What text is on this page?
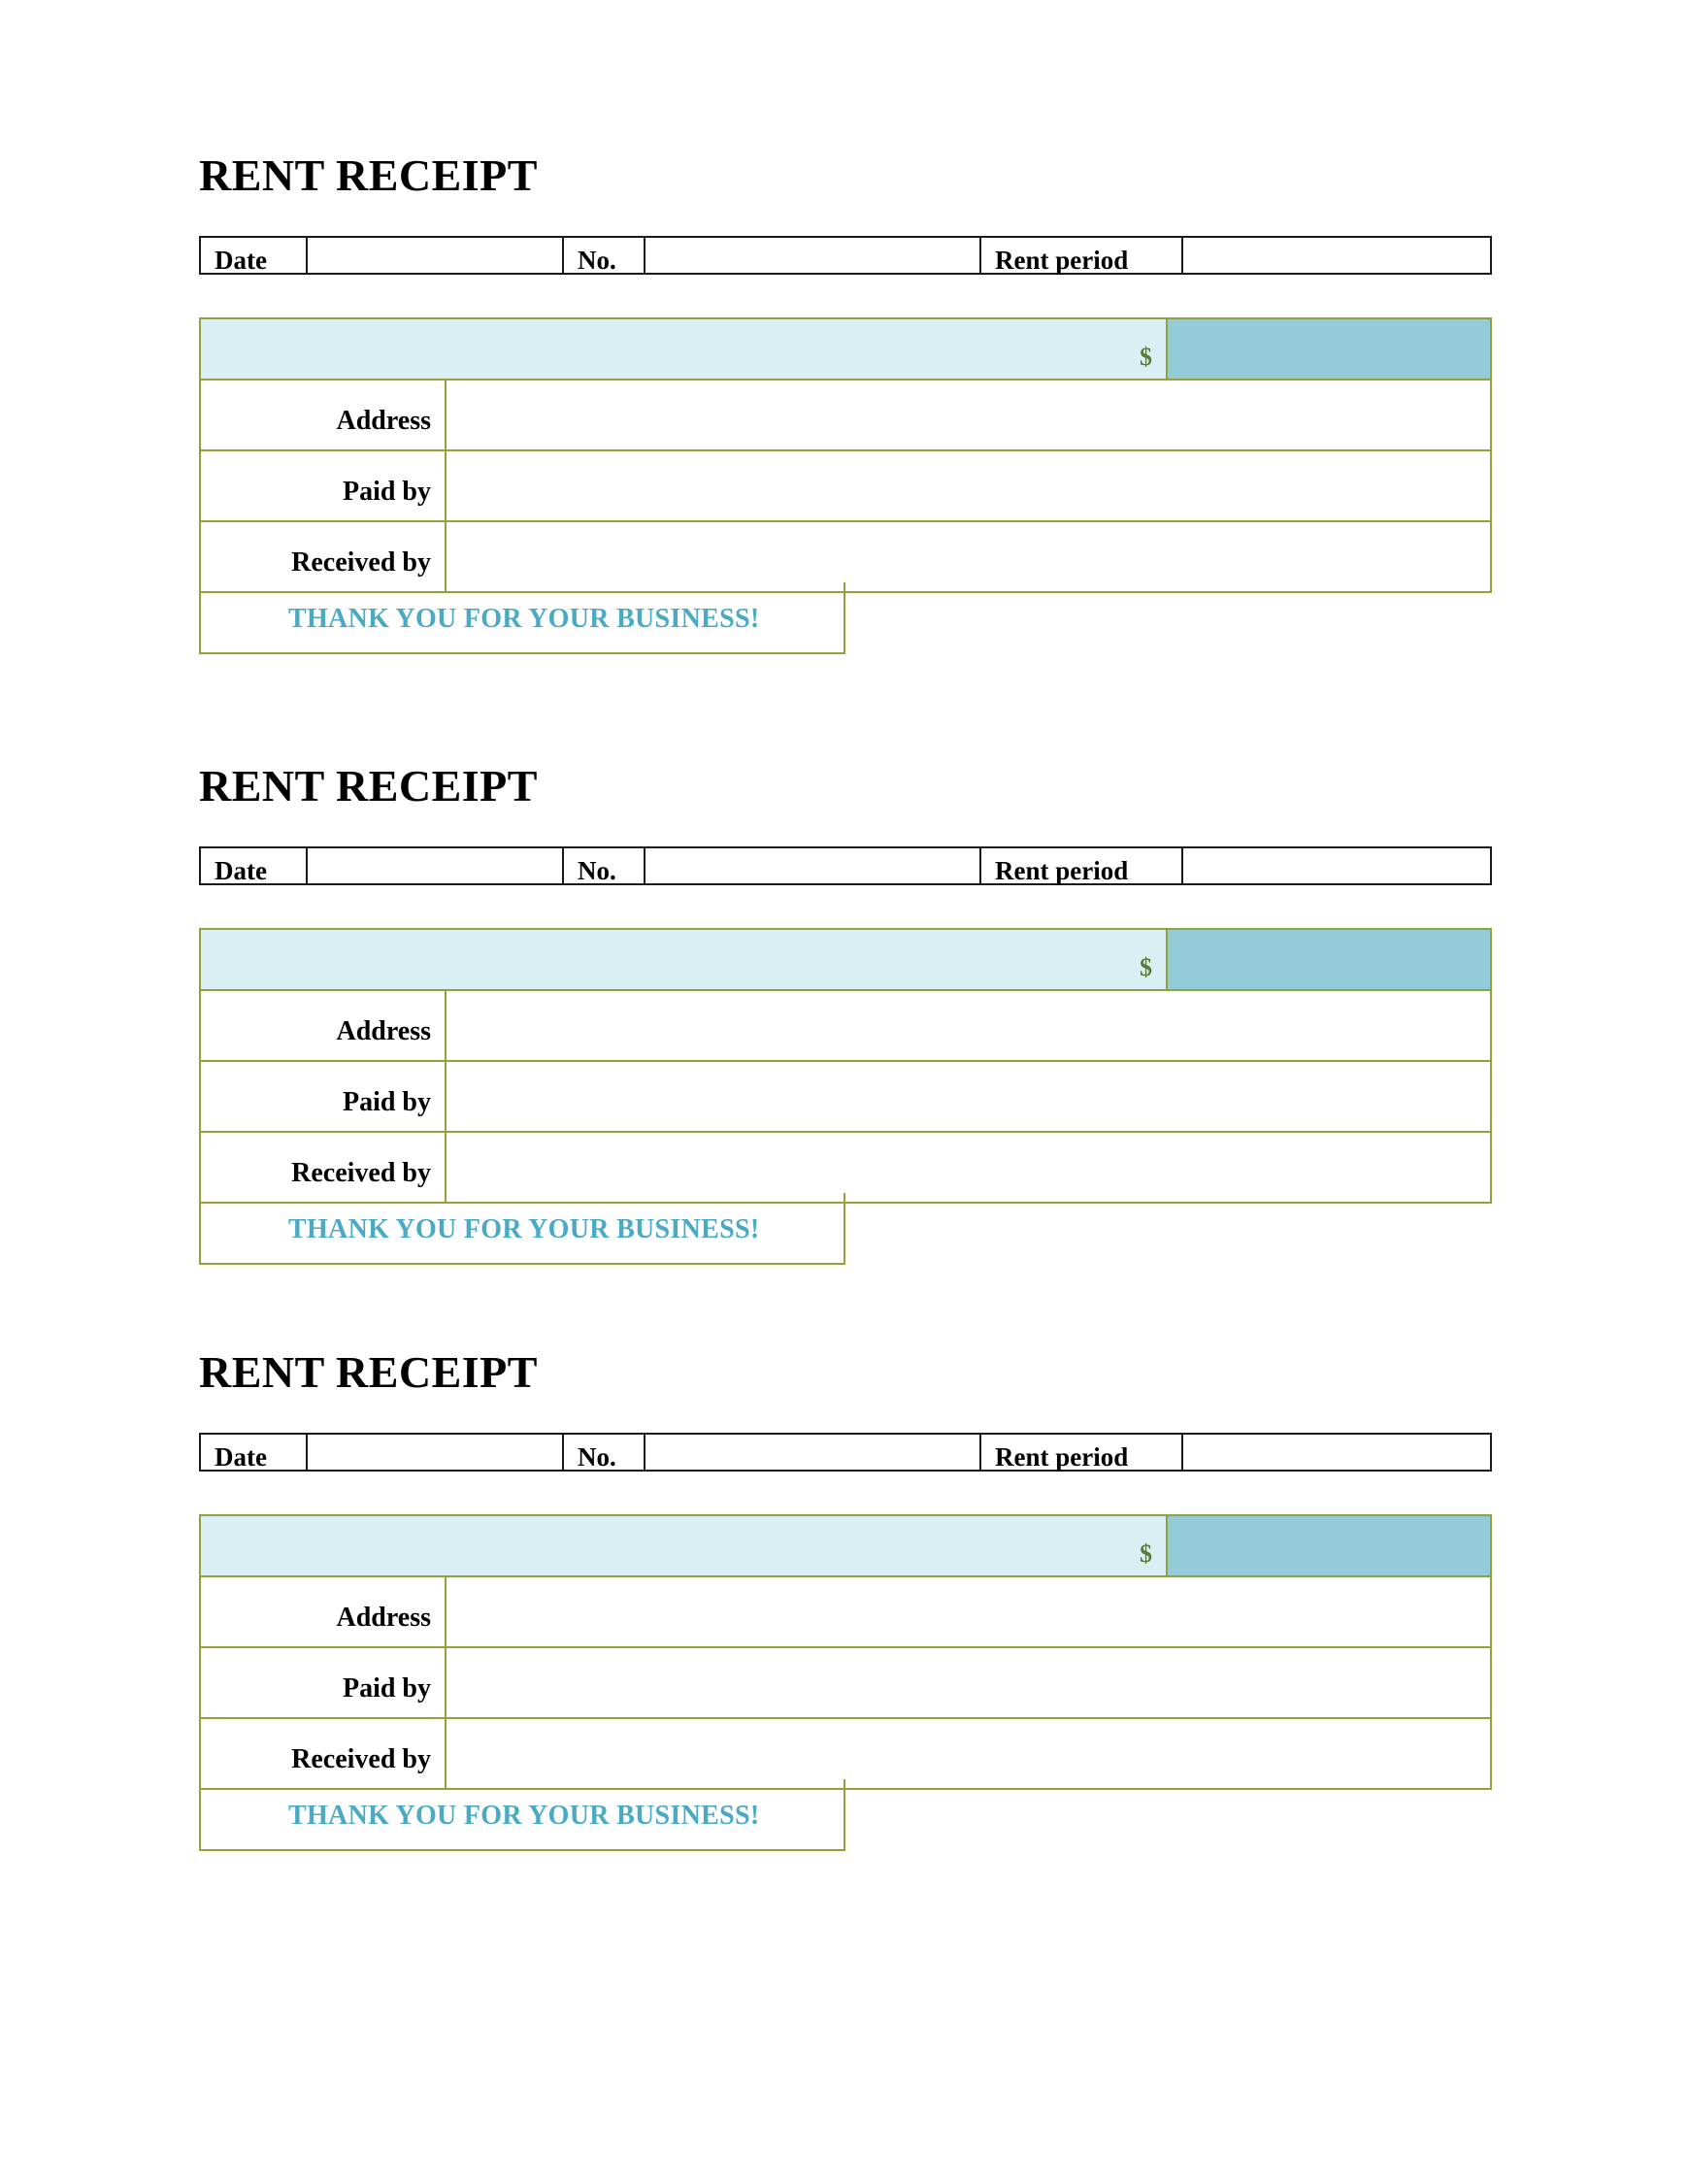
RENT RECEIPT
Date	No.	Rent period
$
Address
Paid by
Received by
THANK YOU FOR YOUR BUSINESS!
RENT RECEIPT
Date	No.	Rent period
$
Address
Paid by
Received by
THANK YOU FOR YOUR BUSINESS!
RENT RECEIPT
Date	No.	Rent period
$
Address
Paid by
Received by
THANK YOU FOR YOUR BUSINESS!
